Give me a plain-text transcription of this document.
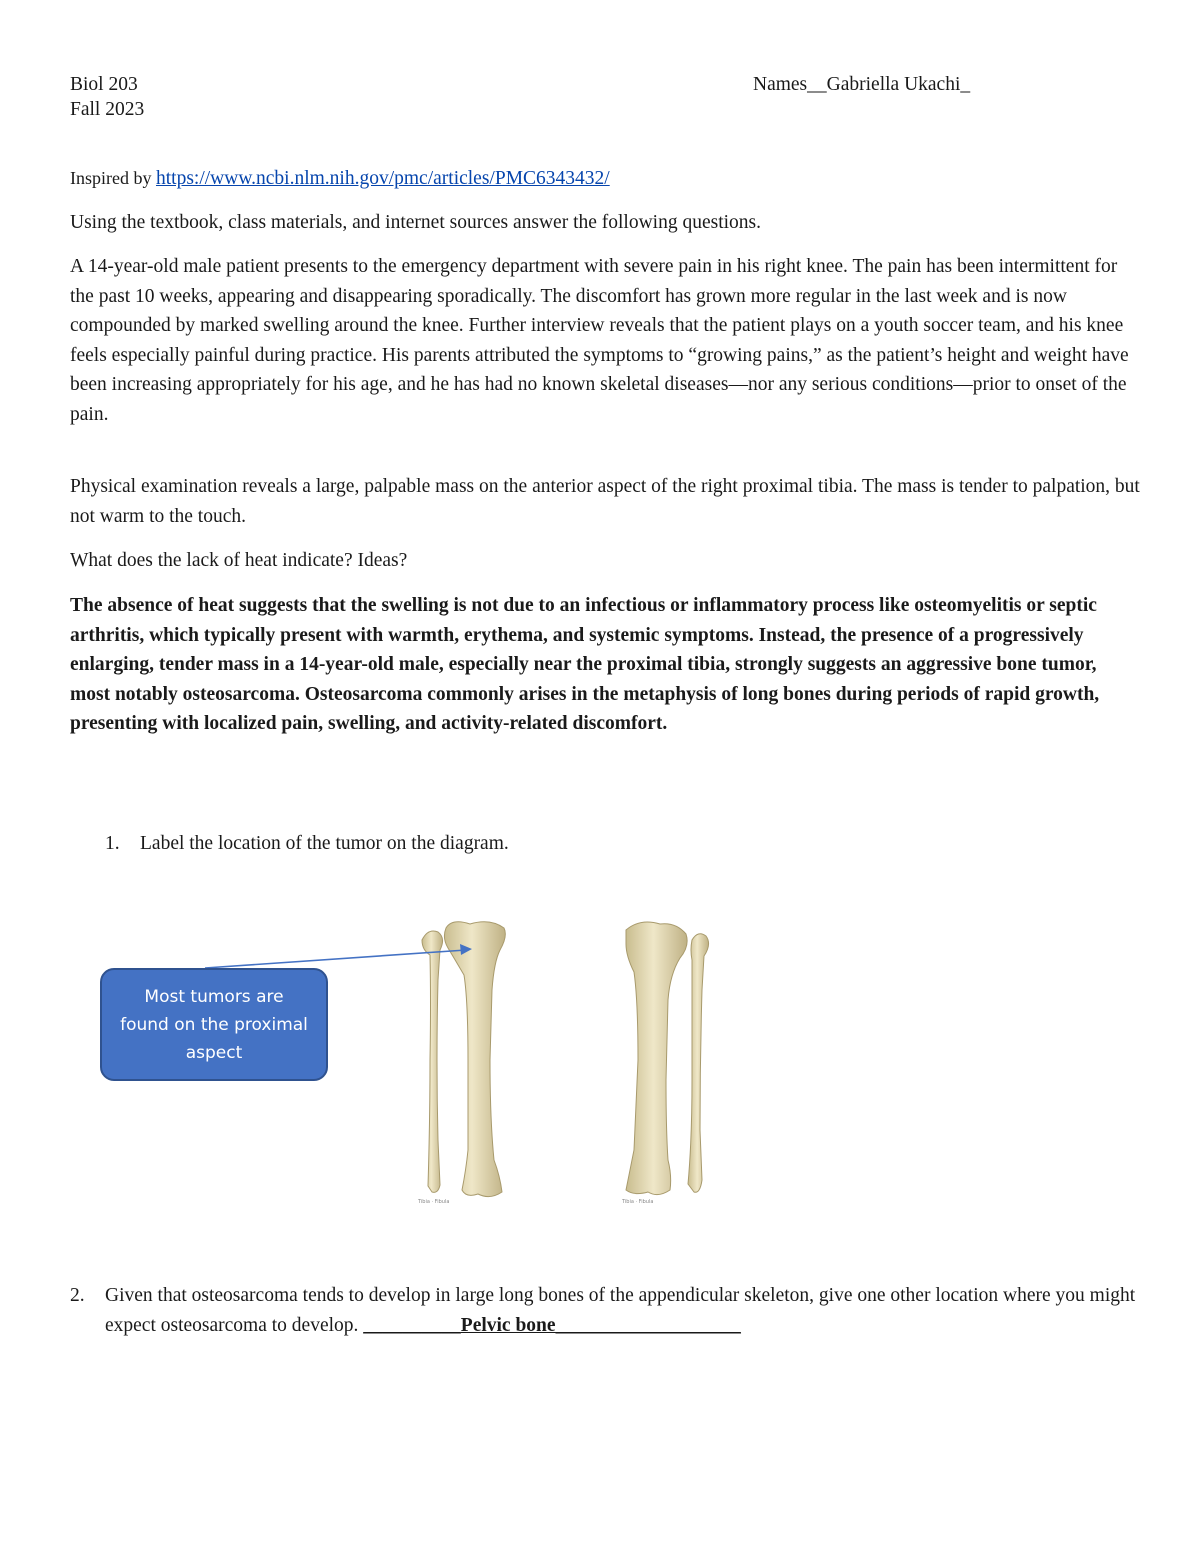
Biol 203

Fall 2023

Names__Gabriella Ukachi_

Inspired by https://www.ncbi.nlm.nih.gov/pmc/articles/PMC6343432/

Using the textbook, class materials, and internet sources answer the following questions.

A 14-year-old male patient presents to the emergency department with severe pain in his right knee. The pain has been intermittent for the past 10 weeks, appearing and disappearing sporadically. The discomfort has grown more regular in the last week and is now compounded by marked swelling around the knee. Further interview reveals that the patient plays on a youth soccer team, and his knee feels especially painful during practice. His parents attributed the symptoms to “growing pains,” as the patient’s height and weight have been increasing appropriately for his age, and he has had no known skeletal diseases—nor any serious conditions—prior to onset of the pain.

Physical examination reveals a large, palpable mass on the anterior aspect of the right proximal tibia. The mass is tender to palpation, but not warm to the touch.

What does the lack of heat indicate? Ideas?

The absence of heat suggests that the swelling is not due to an infectious or inflammatory process like osteomyelitis or septic arthritis, which typically present with warmth, erythema, and systemic symptoms. Instead, the presence of a progressively enlarging, tender mass in a 14-year-old male, especially near the proximal tibia, strongly suggests an aggressive bone tumor, most notably osteosarcoma. Osteosarcoma commonly arises in the metaphysis of long bones during periods of rapid growth, presenting with localized pain, swelling, and activity-related discomfort.

1. Label the location of the tumor on the diagram.
Tibia · Fibula	Tibia · Fibula
Most tumors are found on the proximal aspect
2. Given that osteosarcoma tends to develop in large long bones of the appendicular skeleton, give one other location where you might expect osteosarcoma to develop. __________Pelvic bone___________________
